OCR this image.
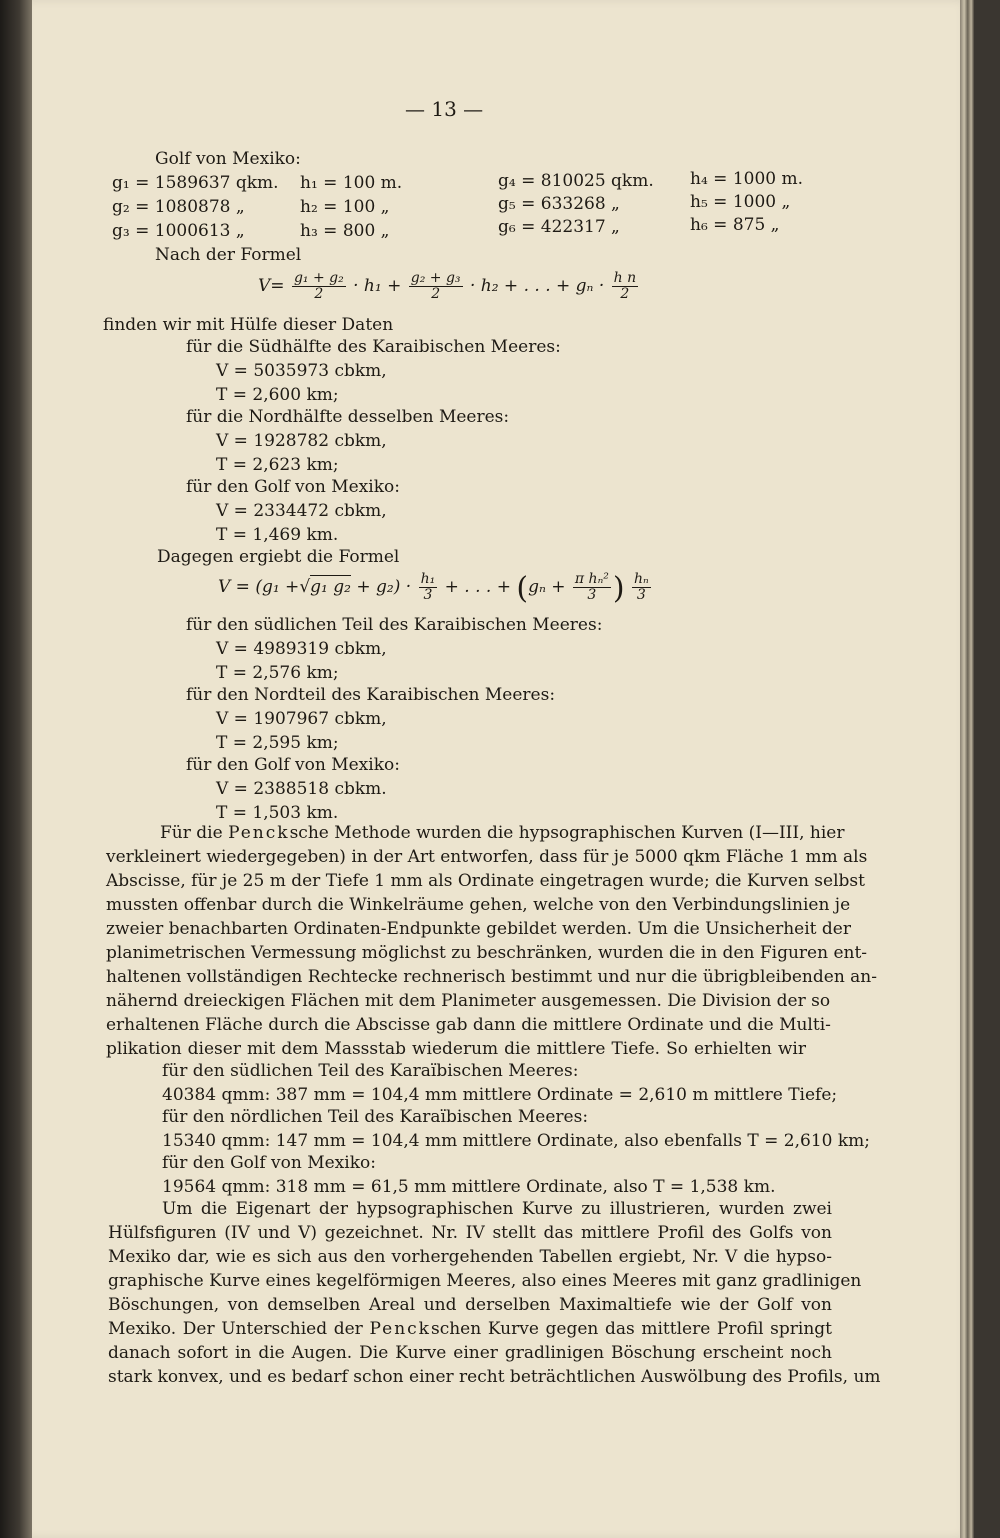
— 13 —
Golf von Mexiko:
g₁ = 1589637 qkm. h₁ = 100 m.	g₄ = 810025 qkm. h₄ = 1000 m.
g₂ = 1080878 „	h₂ = 100 „	g₅ = 633268 „	h₅ = 1000 „
g₃ = 1000613 „	h₃ = 800 „	g₆ = 422317 „	h₆ = 875 „
Nach der Formel
$V= \frac{\text{g₁ + g₂}}{2} \cdot h_1 + \frac{\text{g₂ + g₃}}{2} \cdot h_2$ + . . . + $g_n \cdot \frac{\text{h n}}{2}$
finden wir mit Hülfe dieser Daten
für die Südhälfte des Karaibischen Meeres:
V = 5035973 cbkm,
T = 2,600 km;
für die Nordhälfte desselben Meeres:
V = 1928782 cbkm,
T = 2,623 km;
für den Golf von Mexiko:
V = 2334472 cbkm,
T = 1,469 km.
Dagegen ergiebt die Formel
V = (g₁ +√g₁ $g_2 + g_2) \cdot \frac{\text{h₁}}{3}$ + . . . + ($g_n + \frac{\text{π hₙ²}}{3}$ ) $\frac{\text{hₙ}}{3}$
für den südlichen Teil des Karaibischen Meeres:
V = 4989319 cbkm,
T = 2,576 km;
für den Nordteil des Karaibischen Meeres:
V = 1907967 cbkm,
T = 2,595 km;
für den Golf von Mexiko:
V = 2388518 cbkm.
T = 1,503 km.
Für die Pencksche Methode wurden die hypsographischen Kurven (I—III, hier
verkleinert wiedergegeben) in der Art entworfen, dass für je 5000 qkm Fläche 1 mm als
Abscisse, für je 25 m der Tiefe 1 mm als Ordinate eingetragen wurde; die Kurven selbst
mussten offenbar durch die Winkelräume gehen, welche von den Verbindungslinien je
zweier benachbarten Ordinaten-Endpunkte gebildet werden. Um die Unsicherheit der
planimetrischen Vermessung möglichst zu beschränken, wurden die in den Figuren ent-
haltenen vollständigen Rechtecke rechnerisch bestimmt und nur die übrigbleibenden an-
nähernd dreieckigen Flächen mit dem Planimeter ausgemessen. Die Division der so
erhaltenen Fläche durch die Abscisse gab dann die mittlere Ordinate und die Multi-
plikation dieser mit dem Massstab wiederum die mittlere Tiefe. So erhielten wir
für den südlichen Teil des Karaïbischen Meeres:
40384 qmm: 387 mm = 104,4 mm mittlere Ordinate = 2,610 m mittlere Tiefe;
für den nördlichen Teil des Karaïbischen Meeres:
15340 qmm: 147 mm = 104,4 mm mittlere Ordinate, also ebenfalls T = 2,610 km;
für den Golf von Mexiko:
19564 qmm: 318 mm = 61,5 mm mittlere Ordinate, also T = 1,538 km.
Um die Eigenart der hypsographischen Kurve zu illustrieren, wurden zwei
Hülfsfiguren (IV und V) gezeichnet. Nr. IV stellt das mittlere Profil des Golfs von
Mexiko dar, wie es sich aus den vorhergehenden Tabellen ergiebt, Nr. V die hypso-
graphische Kurve eines kegelförmigen Meeres, also eines Meeres mit ganz gradlinigen
Böschungen, von demselben Areal und derselben Maximaltiefe wie der Golf von
Mexiko. Der Unterschied der Penckschen Kurve gegen das mittlere Profil springt
danach sofort in die Augen. Die Kurve einer gradlinigen Böschung erscheint noch
stark konvex, und es bedarf schon einer recht beträchtlichen Auswölbung des Profils, um
